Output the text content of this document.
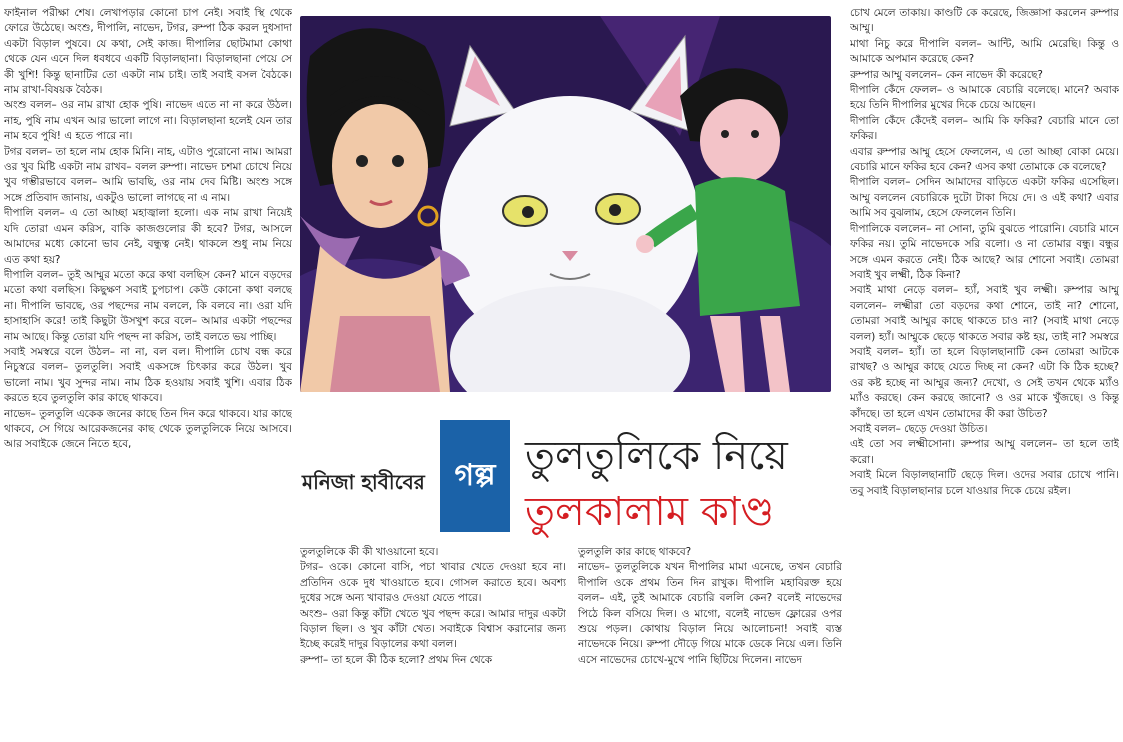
ফাইনাল পরীক্ষা শেষ। লেখাপড়ার কোনো চাপ নেই। সবাই স্থি থেকে ফোরে উঠেছে। অংশু, দীপালি, নাভেদ, টগর, রুম্পা ঠিক করল দুধসাদা একটা বিড়াল পুষবে। যে কথা, সেই কাজ। দীপালির ছোটমামা কোথা থেকে যেন এনে দিল ধবধবে একটি বিড়ালছানা। বিড়ালছানা পেয়ে সে কী খুশি! কিন্তু ছানাটির তো একটা নাম চাই। তাই সবাই বসল বৈঠকে। নাম রাখা-বিষয়ক বৈঠক।

অংশু বলল– ওর নাম রাখা হোক পুষি। নাভেদ এতে না না করে উঠল। নাহ, পুষি নাম এখন আর ভালো লাগে না। বিড়ালছানা হলেই যেন তার নাম হবে পুষি! এ হতে পারে না।

টগর বলল– তা হলে নাম হোক মিনি। নাহ, এটাও পুরোনো নাম। আমরা ওর খুব মিষ্টি একটা নাম রাখব– বলল রুম্পা। নাভেদ চশমা চোখে নিয়ে খুব গম্ভীরভাবে বলল– আমি ভাবছি, ওর নাম দেব মিষ্টি। অংশু সঙ্গে সঙ্গে প্রতিবাদ জানায়, একটুও ভালো লাগছে না এ নাম।

দীপালি বলল– এ তো আচ্ছা মহাজ্বালা হলো। এক নাম রাখা নিয়েই যদি তোরা এমন করিস, বাকি কাজগুলোর কী হবে? টগর, আসলে আমাদের মধ্যে কোনো ভাব নেই, বন্ধুত্ব নেই। থাকলে শুধু নাম নিয়ে এত কথা হয়?

দীপালি বলল– তুই আম্মুর মতো করে কথা বলছিস কেন? মানে বড়দের মতো কথা বলছিস। কিছুক্ষণ সবাই চুপচাপ। কেউ কোনো কথা বলছে না। দীপালি ভাবছে, ওর পছন্দের নাম বললে, কি বলবে না। ওরা যদি হাসাহাসি করে! তাই কিছুটা উসখুশ করে বলে– আমার একটা পছন্দের নাম আছে। কিন্তু তোরা যদি পছন্দ না করিস, তাই বলতে ভয় পাচ্ছি।

সবাই সমস্বরে বলে উঠল– না না, বল বল। দীপালি চোখ বন্ধ করে নিচুস্বরে বলল– তুলতুলি। সবাই একসঙ্গে চিৎকার করে উঠল। খুব ভালো নাম। খুব সুন্দর নাম। নাম ঠিক হওয়ায় সবাই খুশি। এবার ঠিক করতে হবে তুলতুলি কার কাছে থাকবে।

নাভেদ– তুলতুলি একেক জনের কাছে তিন দিন করে থাকবে। যার কাছে থাকবে, সে গিয়ে আরেকজনের কাছ থেকে তুলতুলিকে নিয়ে আসবে। আর সবাইকে জেনে নিতে হবে,

মনিজা হাবীবের গল্প তুলতুলিকে নিয়ে
তুলকালাম কাণ্ড

তুলতুলিকে কী কী খাওয়ানো হবে।

টগর– ওকে। কোনো বাসি, পচা খাবার খেতে দেওয়া হবে না। প্রতিদিন ওকে দুধ খাওয়াতে হবে। গোসল করাতে হবে। অবশ্য দুধের সঙ্গে অন্য খাবারও দেওয়া যেতে পারে।

অংশু– ওরা কিন্তু কাঁটা খেতে খুব পছন্দ করে। আমার দাদুর একটা বিড়াল ছিল। ও খুব কাঁটা খেত। সবাইকে বিশ্বাস করানোর জন্য ইচ্ছে করেই দাদুর বিড়ালের কথা বলল।

রুম্পা– তা হলে কী ঠিক হলো? প্রথম দিন থেকে

তুলতুলি কার কাছে থাকবে?

নাভেদ– তুলতুলিকে যখন দীপালির মামা এনেছে, তখন বেচারি দীপালি ওকে প্রথম তিন দিন রাখুক। দীপালি মহাবিরক্ত হয়ে বলল– এই, তুই আমাকে বেচারি বললি কেন? বলেই নাভেদের পিঠে কিল বসিয়ে দিল। ও মাগো, বলেই নাভেদ ফ্লোরের ওপর শুয়ে পড়ল। কোথায় বিড়াল নিয়ে আলোচনা! সবাই ব্যস্ত নাভেদকে নিয়ে। রুম্পা দৌড়ে গিয়ে মাকে ডেকে নিয়ে এল। তিনি এসে নাভেদের চোখে-মুখে পানি ছিটিয়ে দিলেন। নাভেদ

চোখ মেলে তাকায়। কাণ্ডটি কে করেছে, জিজ্ঞাসা করলেন রুম্পার আম্মু।

মাথা নিচু করে দীপালি বলল– আন্টি, আমি মেরেছি। কিন্তু ও আমাকে অপমান করেছে কেন?

রুম্পার আম্মু বললেন– কেন নাভেদ কী করেছে?

দীপালি কেঁদে ফেলল– ও আমাকে বেচারি বলেছে। মানে? অবাক হয়ে তিনি দীপালির মুখের দিকে চেয়ে আছেন।

দীপালি কেঁদে কেঁদেই বলল– আমি কি ফকির? বেচারি মানে তো ফকির।

এবার রুম্পার আম্মু হেসে ফেললেন, এ তো আচ্ছা বোকা মেয়ে। বেচারি মানে ফকির হবে কেন? এসব কথা তোমাকে কে বলেছে?

দীপালি বলল– সেদিন আমাদের বাড়িতে একটা ফকির এসেছিল। আম্মু বললেন বেচারিকে দুটো টাকা দিয়ে দে। ও এই কথা? এবার আমি সব বুঝলাম, হেসে ফেললেন তিনি।

দীপালিকে বললেন– না সোনা, তুমি বুঝতে পারোনি। বেচারি মানে ফকির নয়। তুমি নাভেদকে সরি বলো। ও না তোমার বন্ধু। বন্ধুর সঙ্গে এমন করতে নেই। ঠিক আছে? আর শোনো সবাই। তোমরা সবাই খুব লক্ষ্মী, ঠিক কিনা?

সবাই মাথা নেড়ে বলল– হ্যাঁ, সবাই খুব লক্ষ্মী। রুম্পার আম্মু বললেন– লক্ষ্মীরা তো বড়দের কথা শোনে, তাই না? শোনো, তোমরা সবাই আম্মুর কাছে থাকতে চাও না? (সবাই মাথা নেড়ে বলল) হ্যাঁ। আম্মুকে ছেড়ে থাকতে সবার কষ্ট হয়, তাই না? সমস্বরে সবাই বলল– হ্যাঁ। তা হলে বিড়ালছানাটি কেন তোমরা আটকে রাখছ? ও আম্মুর কাছে যেতে দিচ্ছ না কেন? এটা কি ঠিক হচ্ছে? ওর কষ্ট হচ্ছে না আম্মুর জন্য? দেখো, ও সেই তখন থেকে ম্যাঁও ম্যাঁও করছে। কেন করছে জানো? ও ওর মাকে খুঁজছে। ও কিন্তু কাঁদছে। তা হলে এখন তোমাদের কী করা উচিত?

সবাই বলল– ছেড়ে দেওয়া উচিত।

এই তো সব লক্ষ্মীসোনা। রুম্পার আম্মু বললেন– তা হলে তাই করো।

সবাই মিলে বিড়ালছানাটি ছেড়ে দিল। ওদের সবার চোখে পানি। তবু সবাই বিড়ালছানার চলে যাওয়ার দিকে চেয়ে রইল।
